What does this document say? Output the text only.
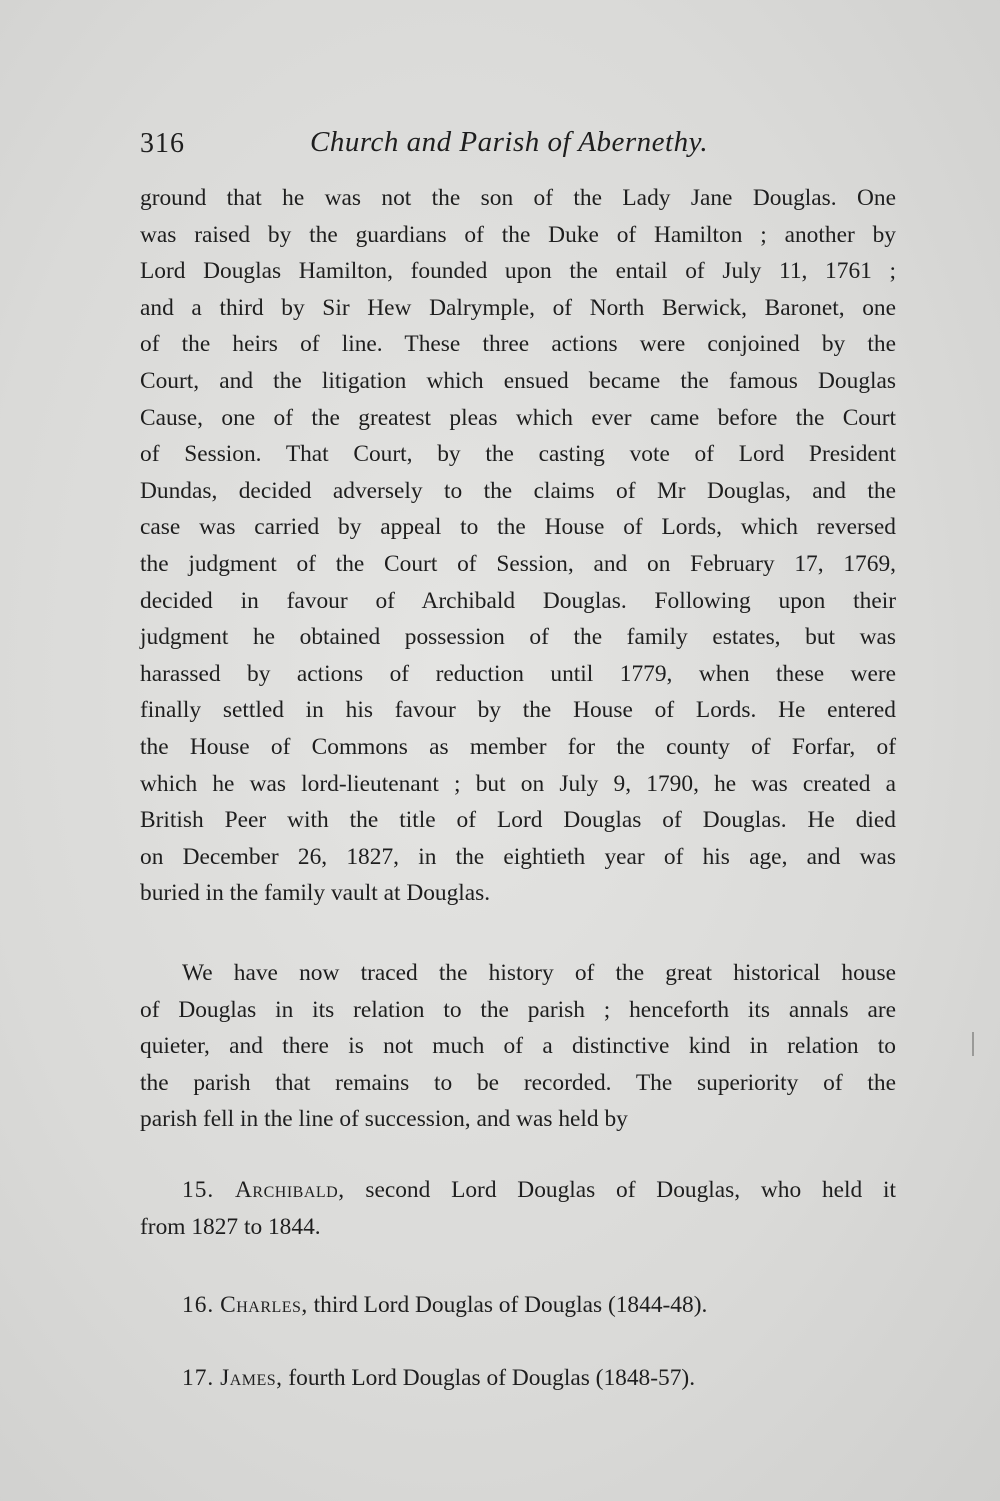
316	Church and Parish of Abernethy.
ground that he was not the son of the Lady Jane Douglas. One
was raised by the guardians of the Duke of Hamilton ; another by
Lord Douglas Hamilton, founded upon the entail of July 11, 1761 ;
and a third by Sir Hew Dalrymple, of North Berwick, Baronet, one
of the heirs of line. These three actions were conjoined by the
Court, and the litigation which ensued became the famous Douglas
Cause, one of the greatest pleas which ever came before the Court
of Session. That Court, by the casting vote of Lord President
Dundas, decided adversely to the claims of Mr Douglas, and the
case was carried by appeal to the House of Lords, which reversed
the judgment of the Court of Session, and on February 17, 1769,
decided in favour of Archibald Douglas. Following upon their
judgment he obtained possession of the family estates, but was
harassed by actions of reduction until 1779, when these were
finally settled in his favour by the House of Lords. He entered
the House of Commons as member for the county of Forfar, of
which he was lord-lieutenant ; but on July 9, 1790, he was created a
British Peer with the title of Lord Douglas of Douglas. He died
on December 26, 1827, in the eightieth year of his age, and was
buried in the family vault at Douglas.
We have now traced the history of the great historical house
of Douglas in its relation to the parish ; henceforth its annals are
quieter, and there is not much of a distinctive kind in relation to
the parish that remains to be recorded. The superiority of the
parish fell in the line of succession, and was held by
15. Archibald, second Lord Douglas of Douglas, who held it
from 1827 to 1844.
16. Charles, third Lord Douglas of Douglas (1844-48).
17. James, fourth Lord Douglas of Douglas (1848-57).
